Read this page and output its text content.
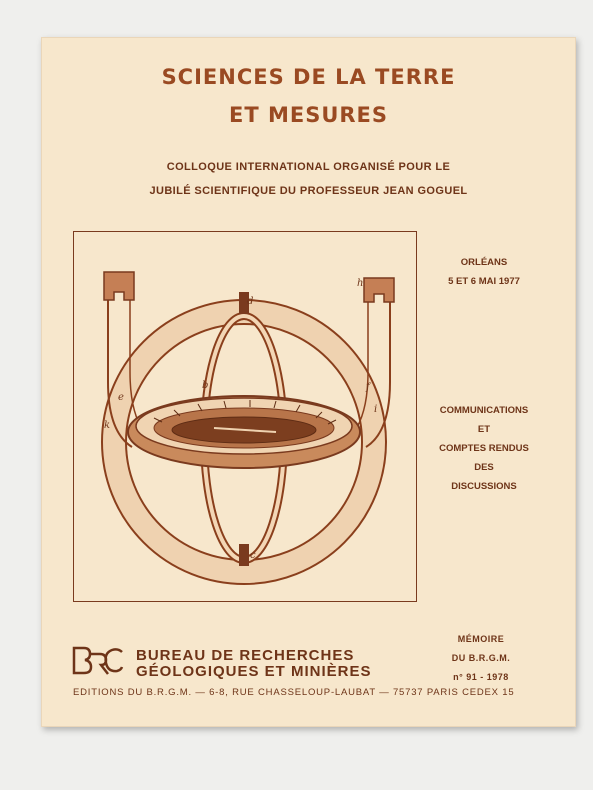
SCIENCES DE LA TERRE
ET MESURES
COLLOQUE INTERNATIONAL ORGANISÉ POUR LE
JUBILÉ SCIENTIFIQUE DU PROFESSEUR JEAN GOGUEL
d
h
e
f
b
k
i
c
ORLÉANS
5 ET 6 MAI 1977
COMMUNICATIONS
ET
COMPTES RENDUS
DES
DISCUSSIONS
MÉMOIRE
DU B.R.G.M.
n° 91 - 1978
BRGM
BUREAU DE RECHERCHES
GÉOLOGIQUES ET MINIÈRES
EDITIONS DU B.R.G.M. — 6-8, RUE CHASSELOUP-LAUBAT — 75737 PARIS CEDEX 15
